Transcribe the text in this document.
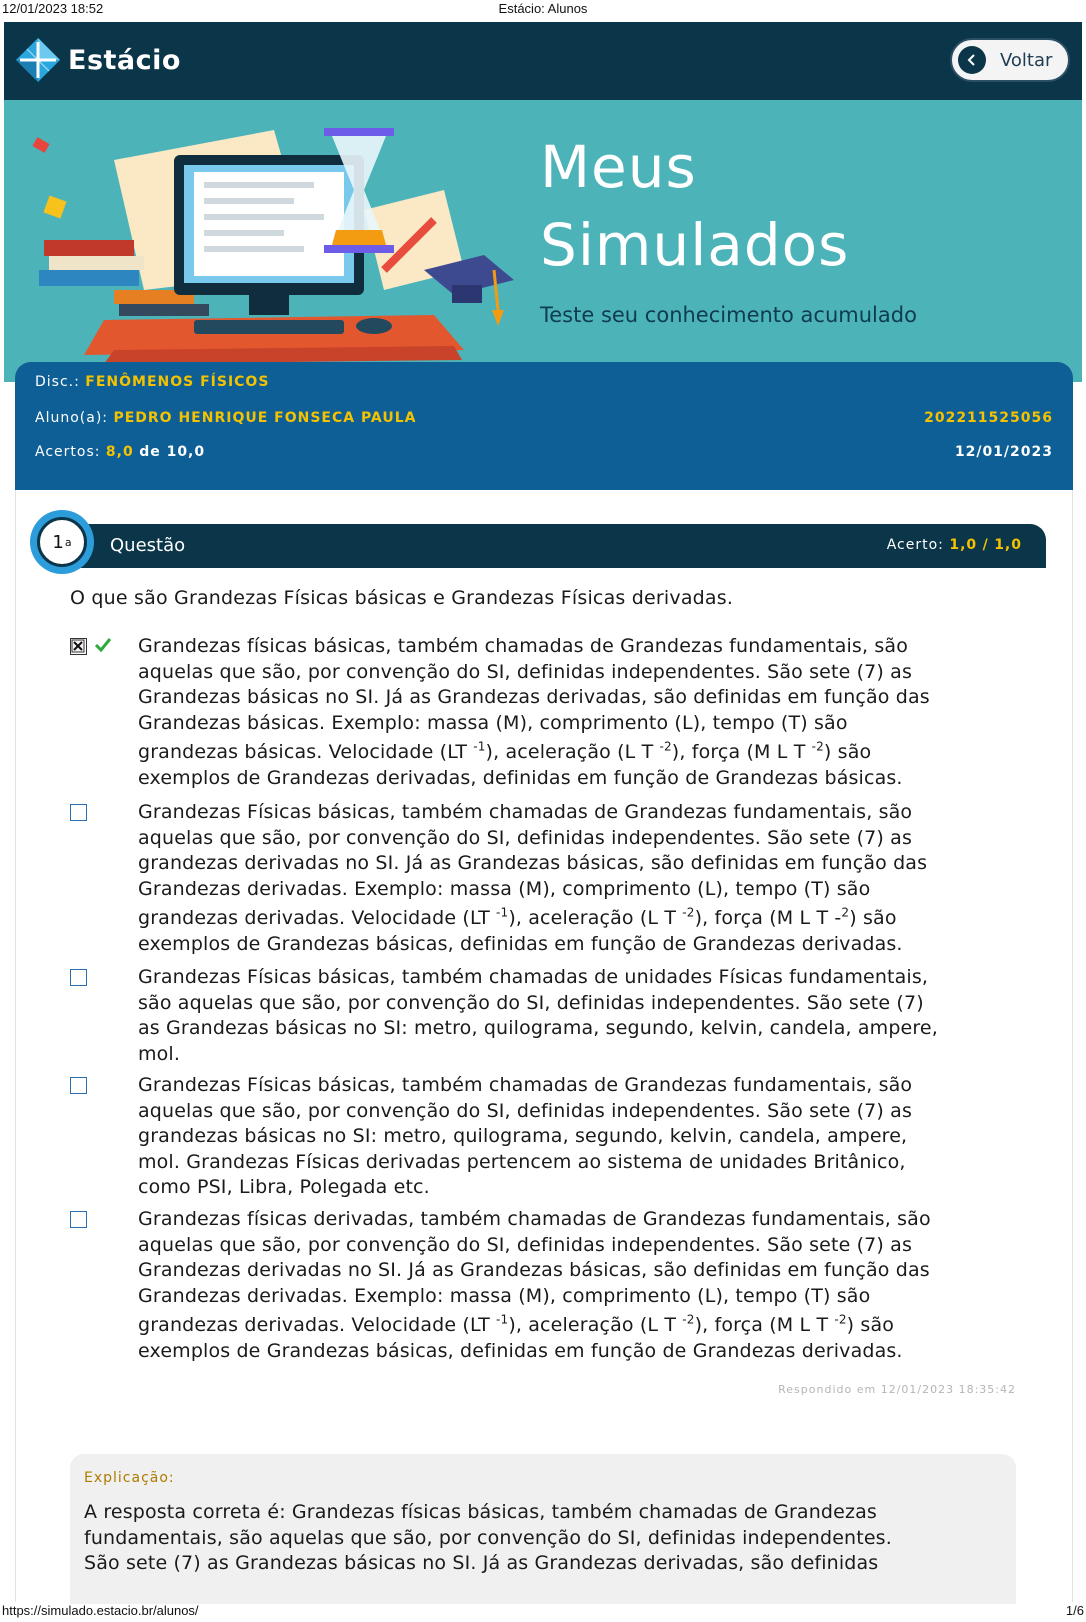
12/01/2023 18:52	Estácio: Alunos
Estácio	Voltar
Meus
Simulados
Teste seu conhecimento acumulado
Disc.: FENÔMENOS FÍSICOS
Aluno(a): PEDRO HENRIQUE FONSECA PAULA	202211525056
Acertos: 8,0 de 10,0	12/01/2023
Questão	Acerto: 1,0 / 1,0
1 a
O que são Grandezas Físicas básicas e Grandezas Físicas derivadas.
Grandezas físicas básicas, também chamadas de Grandezas fundamentais, são
aquelas que são, por convenção do SI, definidas independentes. São sete (7) as
Grandezas básicas no SI. Já as Grandezas derivadas, são definidas em função das
Grandezas básicas. Exemplo: massa (M), comprimento (L), tempo (T) são
grandezas básicas. Velocidade (LT $^{-1}$), aceleração (L T $^{-2}$), força (M L T $^{-2}$) são
exemplos de Grandezas derivadas, definidas em função de Grandezas básicas.
Grandezas Físicas básicas, também chamadas de Grandezas fundamentais, são
aquelas que são, por convenção do SI, definidas independentes. São sete (7) as
grandezas derivadas no SI. Já as Grandezas básicas, são definidas em função das
Grandezas derivadas. Exemplo: massa (M), comprimento (L), tempo (T) são
grandezas derivadas. Velocidade (LT $^{-1}$), aceleração (L T $^{-2}$), força (M L T -$^2$) são
exemplos de Grandezas básicas, definidas em função de Grandezas derivadas.
Grandezas Físicas básicas, também chamadas de unidades Físicas fundamentais,
são aquelas que são, por convenção do SI, definidas independentes. São sete (7)
as Grandezas básicas no SI: metro, quilograma, segundo, kelvin, candela, ampere,
mol.
Grandezas Físicas básicas, também chamadas de Grandezas fundamentais, são
aquelas que são, por convenção do SI, definidas independentes. São sete (7) as
grandezas básicas no SI: metro, quilograma, segundo, kelvin, candela, ampere,
mol. Grandezas Físicas derivadas pertencem ao sistema de unidades Britânico,
como PSI, Libra, Polegada etc.
Grandezas físicas derivadas, também chamadas de Grandezas fundamentais, são
aquelas que são, por convenção do SI, definidas independentes. São sete (7) as
Grandezas derivadas no SI. Já as Grandezas básicas, são definidas em função das
Grandezas derivadas. Exemplo: massa (M), comprimento (L), tempo (T) são
grandezas derivadas. Velocidade (LT $^{-1}$), aceleração (L T $^{-2}$), força (M L T $^{-2}$) são
exemplos de Grandezas básicas, definidas em função de Grandezas derivadas.
Respondido em 12/01/2023 18:35:42
Explicação:
A resposta correta é: Grandezas físicas básicas, também chamadas de Grandezas
fundamentais, são aquelas que são, por convenção do SI, definidas independentes.
São sete (7) as Grandezas básicas no SI. Já as Grandezas derivadas, são definidas
https://simulado.estacio.br/alunos/	1/6
